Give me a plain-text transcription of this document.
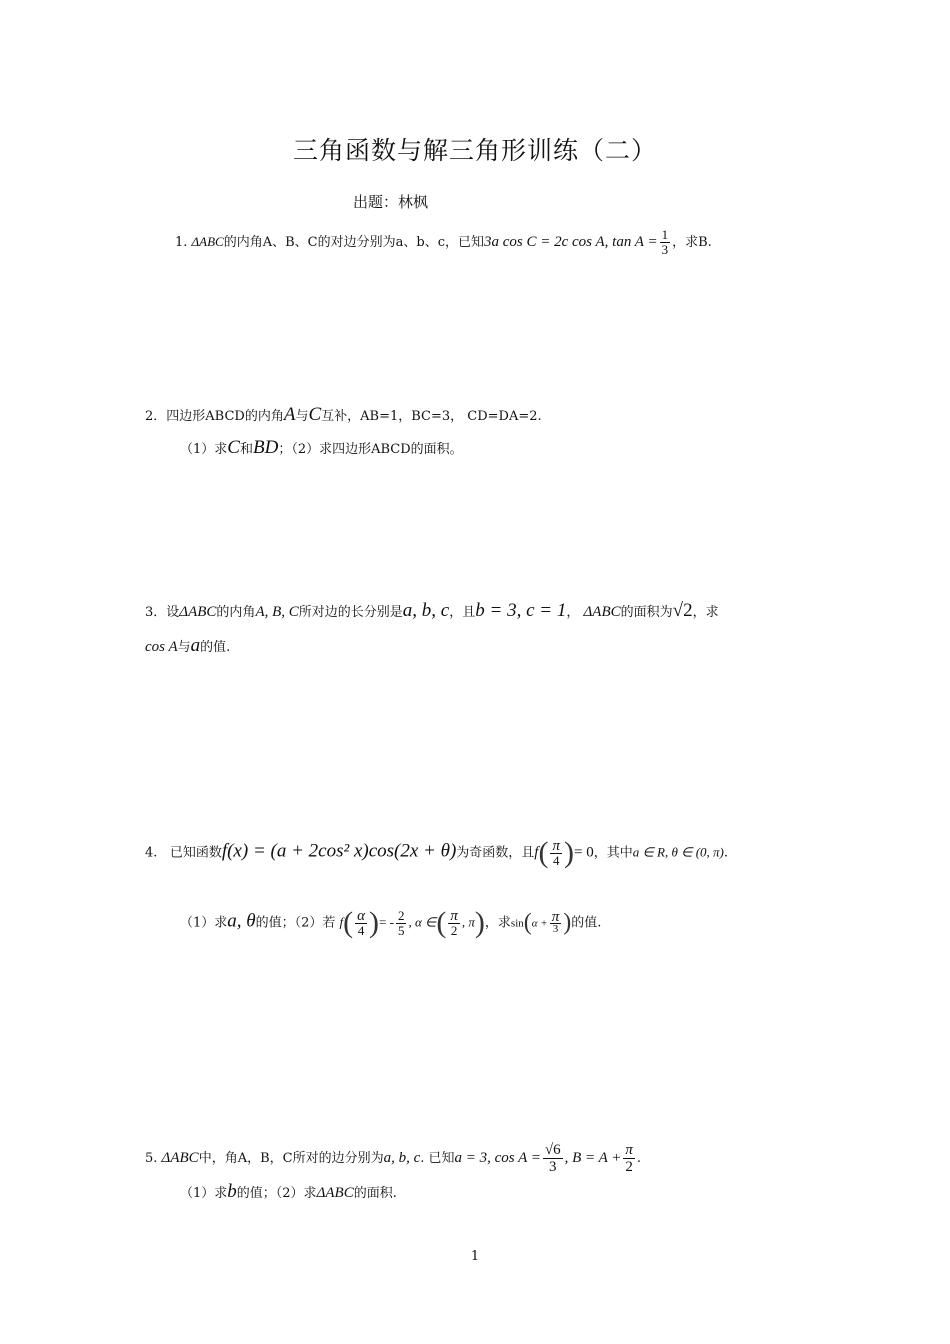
三角函数与解三角形训练（二）
出题：林枫
1. ΔABC的内角A、B、C的对边分别为a、b、c，已知3a cos C = 2c cos A, $\tan A = \frac{1}{3}$ ，求B.
2．四边形ABCD的内角A与C互补，AB=1，BC=3， CD=DA=2.
（1）求C和BD；（2）求四边形ABCD的面积。
3．设ΔABC的内角A, B, C所对边的长分别是a, b, c，且b = 3, c = 1， ΔABC的面积为√2，求
cos A与a的值.
4. 已知函数f(x) = (a + 2cos² x)cos(2x + θ)为奇函数，且$f( \frac{\pi}{4}$ )= 0，其中a ∈ R, θ ∈ (0, π).
（1）求a, θ的值；（2）若 $f( \frac{\alpha}{4}$ )= - $\frac{2}{5}$ , α ∈( $\frac{\pi}{2}$ , π)，求$\sin(\alpha + \frac{\pi}{3}$ )的值.
5. ΔABC中，角A，B，C所对的边分别为a, b, c. 已知a = 3, $\cos A = \frac{√6}{3}$ , $B = A + \frac{\pi}{2}$ .
（1）求b的值；（2）求ΔABC的面积.
1
